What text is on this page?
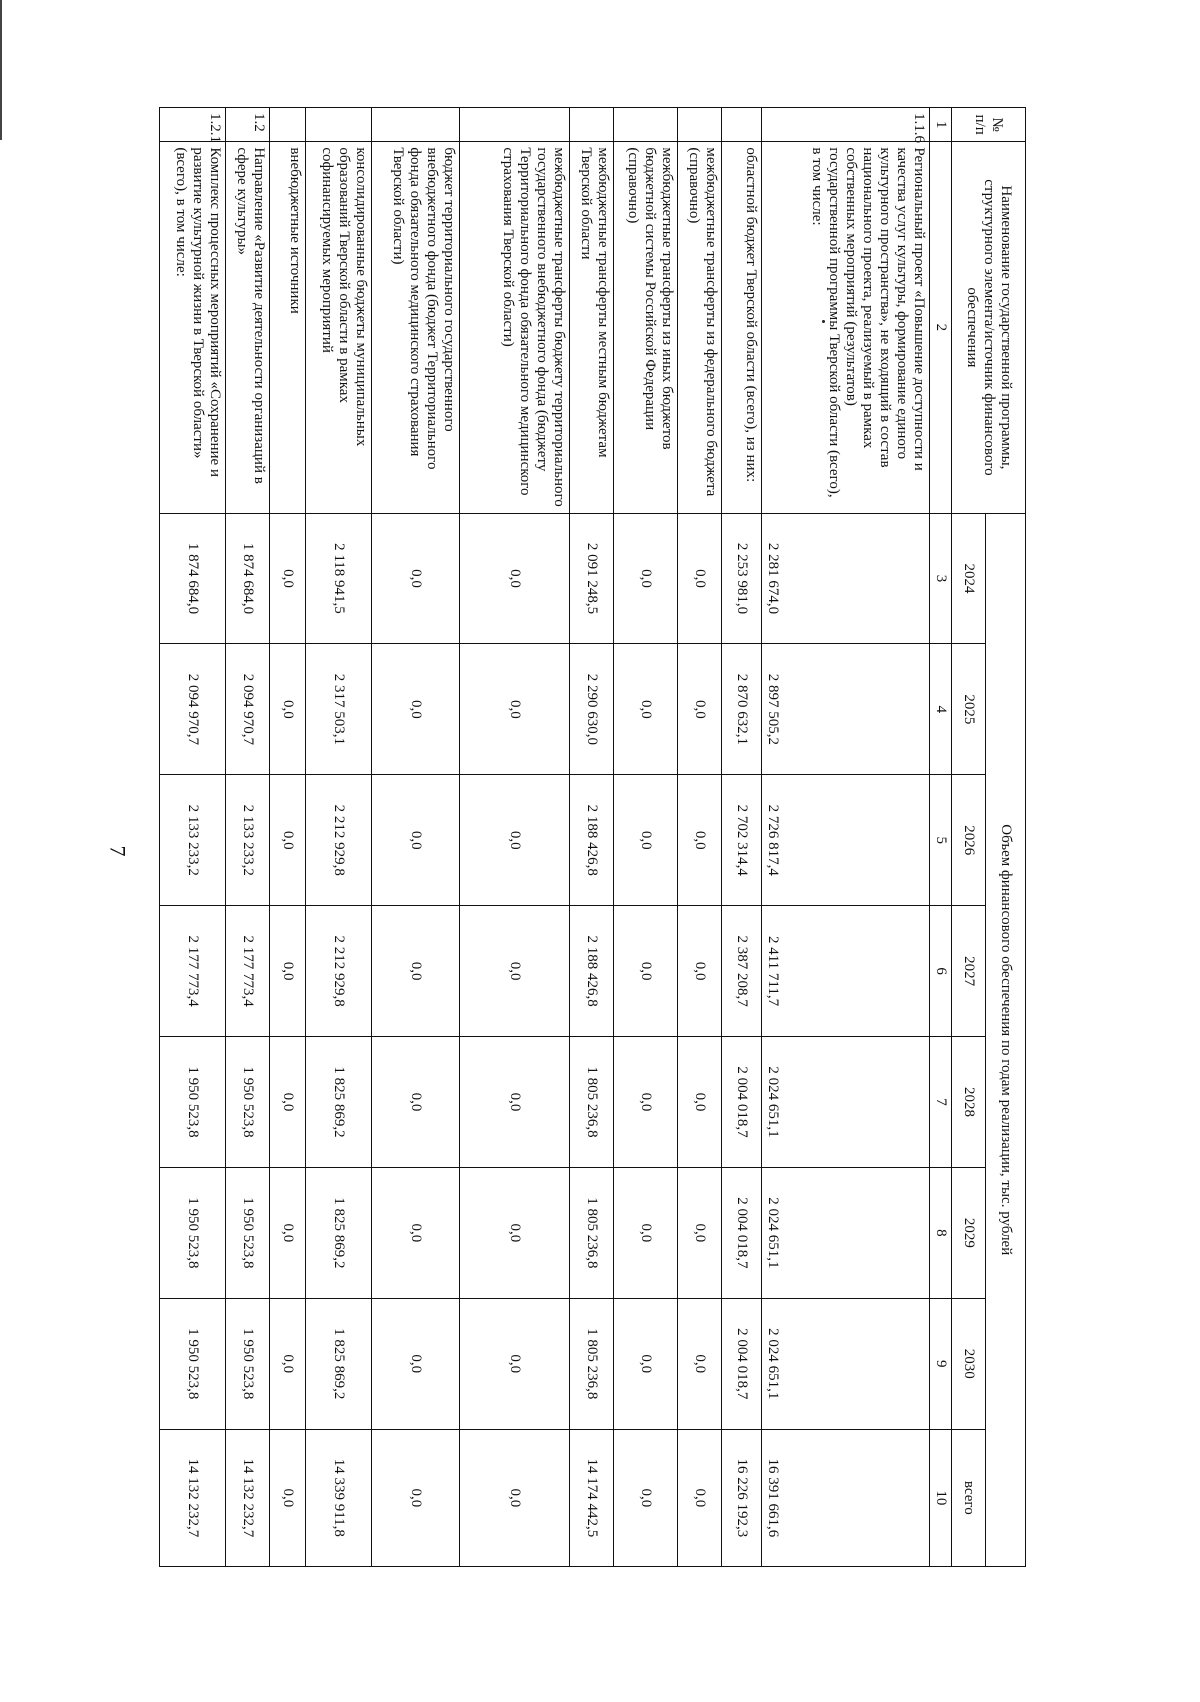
7
№ п/п	Наименование государственной программы, структурного элемента/источник финансового обеспечения	Объем финансового обеспечения по годам реализации, тыс. рублей							
		2024	2025	2026	2027	2028	2029	2030	всего
1	2	3	4	5	6	7	8	9	10
1.1.6	Региональный проект «Повышение доступности и качества услуг культуры, формирование единого культурного пространства», не входящий в состав национального проекта, реализуемый в рамках собственных мероприятий (результатов) государственной программы Тверской области (всего), в том числе:	2 281 674,0	2 897 505,2	2 726 817,4	2 411 711,7	2 024 651,1	2 024 651,1	2 024 651,1	16 391 661,6
	областной бюджет Тверской области (всего), из них:	2 253 981,0	2 870 632,1	2 702 314,4	2 387 208,7	2 004 018,7	2 004 018,7	2 004 018,7	16 226 192,3
	межбюджетные трансферты из федерального бюджета (справочно)	0,0	0,0	0,0	0,0	0,0	0,0	0,0	0,0
	межбюджетные трансферты из иных бюджетов бюджетной системы Российской Федерации (справочно)	0,0	0,0	0,0	0,0	0,0	0,0	0,0	0,0
	межбюджетные трансферты местным бюджетам Тверской области	2 091 248,5	2 290 630,0	2 188 426,8	2 188 426,8	1 805 236,8	1 805 236,8	1 805 236,8	14 174 442,5
	межбюджетные трансферты бюджету территориального государственного внебюджетного фонда (бюджету Территориального фонда обязательного медицинского страхования Тверской области)	0,0	0,0	0,0	0,0	0,0	0,0	0,0	0,0
	бюджет территориального государственного внебюджетного фонда (бюджет Территориального фонда обязательного медицинского страхования Тверской области)	0,0	0,0	0,0	0,0	0,0	0,0	0,0	0,0
	консолидированные бюджеты муниципальных образований Тверской области в рамках софинансируемых мероприятий	2 118 941,5	2 317 503,1	2 212 929,8	2 212 929,8	1 825 869,2	1 825 869,2	1 825 869,2	14 339 911,8
	внебюджетные источники	0,0	0,0	0,0	0,0	0,0	0,0	0,0	0,0
1.2	Направление «Развитие деятельности организаций в сфере культуры»	1 874 684,0	2 094 970,7	2 133 233,2	2 177 773,4	1 950 523,8	1 950 523,8	1 950 523,8	14 132 232,7
1.2.1	Комплекс процессных мероприятий «Сохранение и развитие культурной жизни в Тверской области» (всего), в том числе:	1 874 684,0	2 094 970,7	2 133 233,2	2 177 773,4	1 950 523,8	1 950 523,8	1 950 523,8	14 132 232,7
